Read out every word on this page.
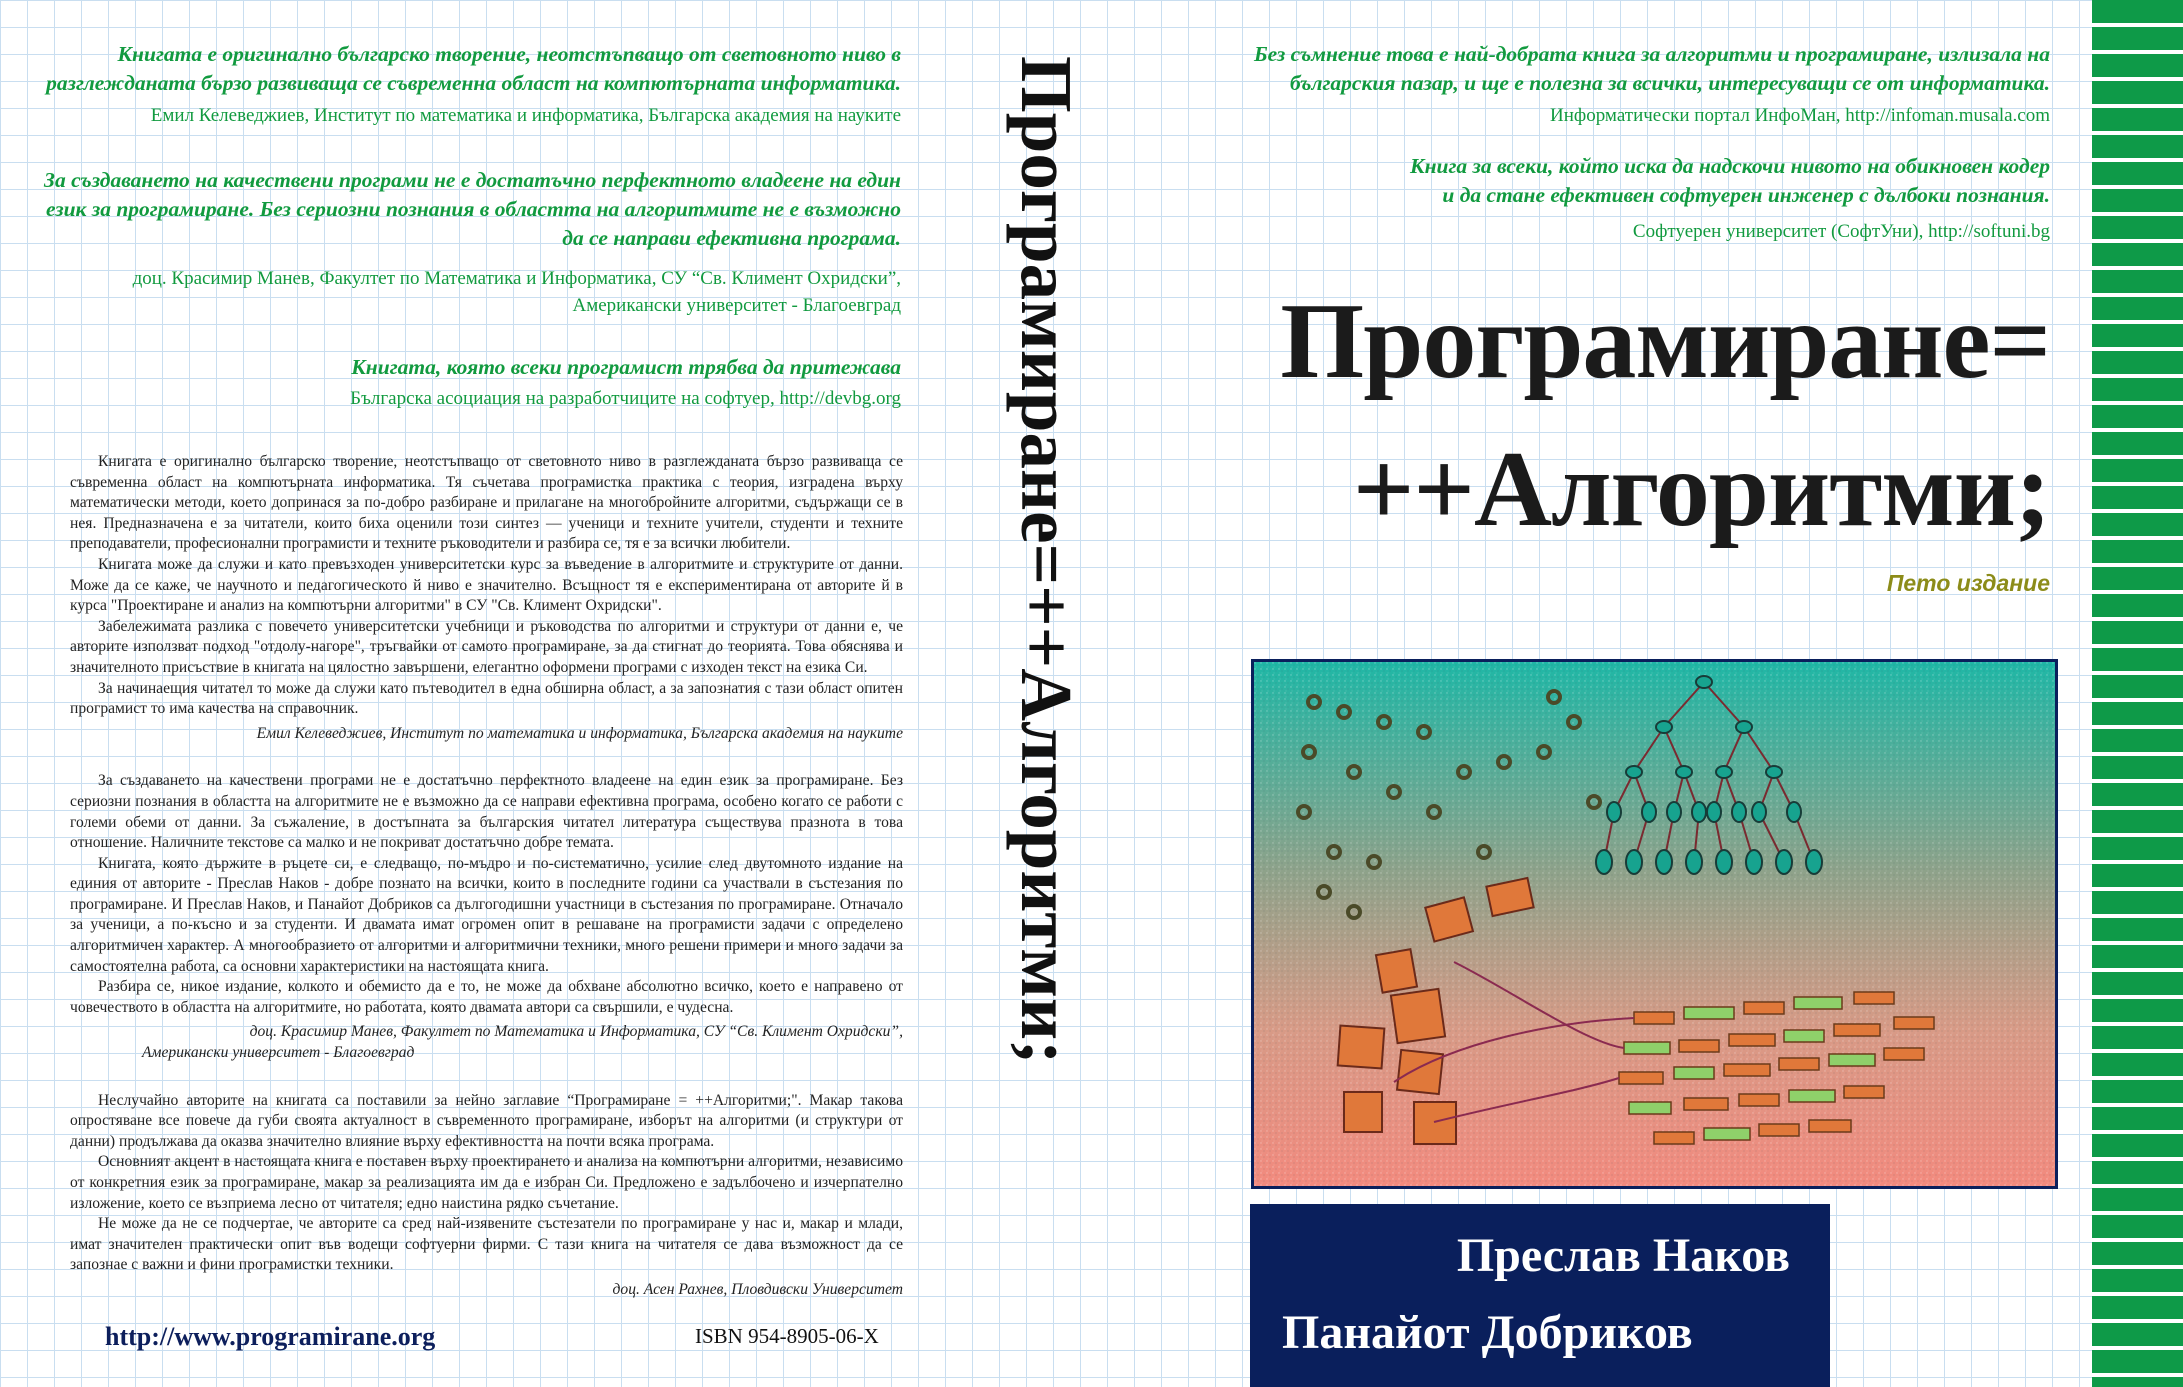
Книгата е оригинално българско творение, неотстъпващо от световното ниво в
разглежданата бързо развиваща се съвременна област на компютърната информатика.

Емил Келеведжиев, Институт по математика и информатика, Българска академия на науките

За създаването на качествени програми не е достатъчно перфектното владеене на един
език за програмиране. Без сериозни познания в областта на алгоритмите не е възможно
да се направи ефективна програма.

доц. Красимир Манев, Факултет по Математика и Информатика, СУ “Св. Климент Охридски”,
Американски университет - Благоевград

Книгата, която всеки програмист трябва да притежава

Българска асоциация на разработчиците на софтуер, http://devbg.org

Книгата е оригинално българско творение, неотстъпващо от световното ниво в разглежданата бързо развиваща се съвременна област на компютърната информатика. Тя съчетава програмистка практика с теория, изградена върху математически методи, което допринася за по-добро разбиране и прилагане на многобройните алгоритми, съдържащи се в нея. Предназначена е за читатели, които биха оценили този синтез — ученици и техните учители, студенти и техните преподаватели, професионални програмисти и техните ръководители и разбира се, тя е за всички любители.

Книгата може да служи и като превъзходен университетски курс за въведение в алгоритмите и структурите от данни. Може да се каже, че научното и педагогическото й ниво е значително. Всъщност тя е експериментирана от авторите й в курса "Проектиране и анализ на компютърни алгоритми" в СУ "Св. Климент Охридски".

Забележимата разлика с повечето университетски учебници и ръководства по алгоритми и структури от данни е, че авторите използват подход "отдолу-нагоре", тръгвайки от самото програмиране, за да стигнат до теорията. Това обяснява и значителното присъствие в книгата на цялостно завършени, елегантно оформени програми с изходен текст на езика Си.

За начинаещия читател то може да служи като пътеводител в една обширна област, а за запознатия с тази област опитен програмист то има качества на справочник.

Емил Келеведжиев, Институт по математика и информатика, Българска академия на науките

За създаването на качествени програми не е достатъчно перфектното владеене на един език за програмиране. Без сериозни познания в областта на алгоритмите не е възможно да се направи ефективна програма, особено когато се работи с големи обеми от данни. За съжаление, в достъпната за българския читател литература съществува празнота в това отношение. Наличните текстове са малко и не покриват достатъчно добре темата.

Книгата, която държите в ръцете си, е следващо, по-мъдро и по-систематично, усилие след двутомното издание на единия от авторите - Преслав Наков - добре познато на всички, които в последните години са участвали в състезания по програмиране. И Преслав Наков, и Панайот Добриков са дългогодишни участници в състезания по програмиране. Отначало за ученици, а по-късно и за студенти. И двамата имат огромен опит в решаване на програмисти задачи с определено алгоритмичен характер. А многообразието от алгоритми и алгоритмични техники, много решени примери и много задачи за самостоятелна работа, са основни характеристики на настоящата книга.

Разбира се, никое издание, колкото и обемисто да е то, не може да обхване абсолютно всичко, което е направено от човечеството в областта на алгоритмите, но работата, която двамата автори са свършили, е чудесна.

доц. Красимир Манев, Факултет по Математика и Информатика, СУ “Св. Климент Охридски”,

Американски университет - Благоевград

Неслучайно авторите на книгата са поставили за нейно заглавие “Програмиране = ++Алгоритми;". Макар такова опростяване все повече да губи своята актуалност в съвременното програмиране, изборът на алгоритми (и структури от данни) продължава да оказва значително влияние върху ефективността на почти всяка програма.

Основният акцент в настоящата книга е поставен върху проектирането и анализа на компютърни алгоритми, независимо от конкретния език за програмиране, макар за реализацията им да е избран Си. Предложено е задълбочено и изчерпателно изложение, което се възприема лесно от читателя; едно наистина рядко съчетание.

Не може да не се подчертае, че авторите са сред най-изявените състезатели по програмиране у нас и, макар и млади, имат значителен практически опит във водещи софтуерни фирми. С тази книга на читателя се дава възможност да се запознае с важни и фини програмистки техники.

доц. Асен Рахнев, Пловдивски Университет

http://www.programirane.org	ISBN 954-8905-06-X
Програмиране=++Алгоритми;

Без съмнение това е най-добрата книга за алгоритми и програмиране, излизала на
българския пазар, и ще е полезна за всички, интересуващи се от информатика.

Информатически портал ИнфоМан, http://infoman.musala.com

Книга за всеки, който иска да надскочи нивото на обикновен кодер
и да стане ефективен софтуерен инженер с дълбоки познания.

Софтуерен университет (СофтУни), http://softuni.bg

Програмиране=

++Алгоритми;

Пето издание

Преслав Наков

Панайот Добриков
